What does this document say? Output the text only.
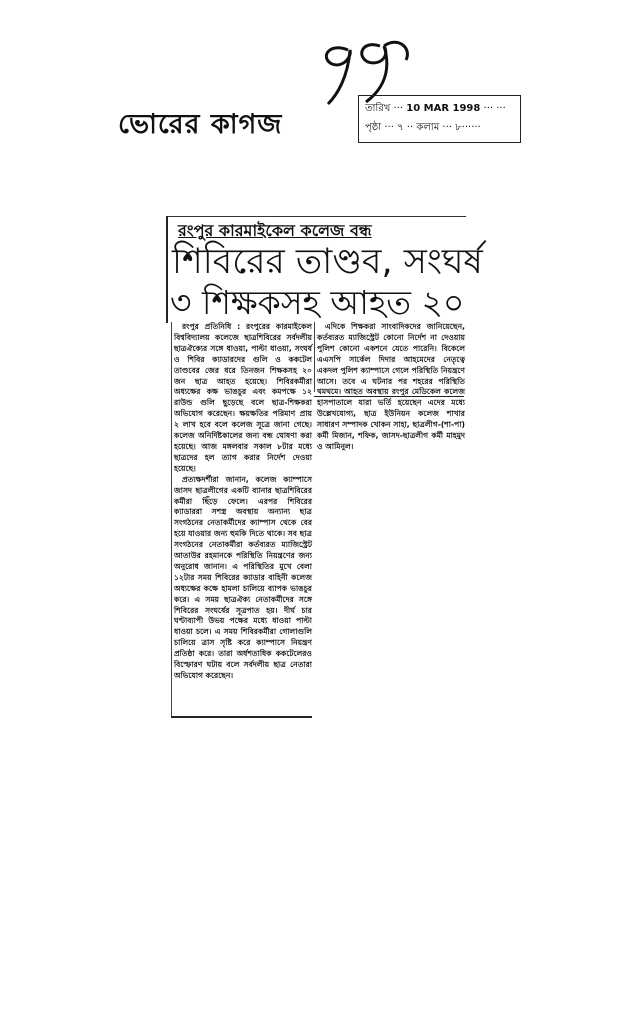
ভোরের কাগজ
তারিখ ··· 10 MAR 1998 ··· ···
পৃষ্ঠা ··· ৭ ·· কলাম ··· ৮······
রংপুর কারমাইকেল কলেজ বন্ধ
শিবিরের তাণ্ডব, সংঘর্ষ
৩ শিক্ষকসহ আহত ২০

রংপুর প্রতিনিধি : রংপুরের কারমাইকেল বিশ্ববিদ্যালয় কলেজে ছাত্রশিবিরের সর্বদলীয় ছাত্রঐক্যের সঙ্গে ধাওয়া, পাল্টা ধাওয়া, সংঘর্ষ ও শিবির ক্যাডারদের গুলি ও ককটেল তাণ্ডবের জের ধরে তিনজন শিক্ষকসহ ২০ জন ছাত্র আহত হয়েছে। শিবিরকর্মীরা অধ্যক্ষের কক্ষ ভাঙচুর এবং কমপক্ষে ১২ রাউন্ড গুলি ছুড়েছে বলে ছাত্র-শিক্ষকরা অভিযোগ করেছেন। ক্ষয়ক্ষতির পরিমাণ প্রায় ২ লাখ হবে বলে কলেজ সূত্রে জানা গেছে। কলেজ অনির্দিষ্টকালের জন্য বন্ধ ঘোষণা করা হয়েছে। আজ মঙ্গলবার সকাল ৮টার মধ্যে ছাত্রদের হল ত্যাগ করার নির্দেশ দেওয়া হয়েছে।

প্রত্যক্ষদর্শীরা জানান, কলেজ ক্যাম্পাসে জাসদ ছাত্রলীগের একটি ব্যানার ছাত্রশিবিরের কর্মীরা ছিঁড়ে ফেলে। এরপর শিবিরের ক্যাডাররা সশস্ত্র অবস্থায় অন্যান্য ছাত্র সংগঠনের নেতাকর্মীদের ক্যাম্পাস থেকে বের হয়ে যাওয়ার জন্য হুমকি দিতে থাকে। সব ছাত্র সংগঠনের নেতাকর্মীরা কর্তব্যরত ম্যাজিস্ট্রেট আতাউর রহমানকে পরিস্থিতি নিয়ন্ত্রণের জন্য অনুরোধ জানান। এ পরিস্থিতির মুখে বেলা ১২টার সময় শিবিরের ক্যাডার বাহিনী কলেজ অধ্যক্ষের কক্ষে হামলা চালিয়ে ব্যাপক ভাঙচুর করে। এ সময় ছাত্রঐক্য নেতাকর্মীদের সঙ্গে শিবিরের সংঘর্ষের সূত্রপাত হয়। দীর্ঘ চার ঘণ্টাব্যাপী উভয় পক্ষের মধ্যে ধাওয়া পাল্টা ধাওয়া চলে। এ সময় শিবিরকর্মীরা গোলাগুলি চালিয়ে ত্রাস সৃষ্টি করে ক্যাম্পাসে নিয়ন্ত্রণ প্রতিষ্ঠা করে। তারা অর্ধশতাধিক ককটেলেরও বিস্ফোরণ ঘটায় বলে সর্বদলীয় ছাত্র নেতারা অভিযোগ করেছেন।

এদিকে শিক্ষকরা সাংবাদিকদের জানিয়েছেন, কর্তব্যরত ম্যাজিস্ট্রেট কোনো নির্দেশ না দেওয়ায় পুলিশ কোনো একশনে যেতে পারেনি। বিকেলে এএসপি সার্কেল দিদার আহমেদের নেতৃত্বে একদল পুলিশ ক্যাম্পাসে গেলে পরিস্থিতি নিয়ন্ত্রণে আসে। তবে এ ঘটনার পর শহরের পরিস্থিতি থমথমে। আহত অবস্থায় রংপুর মেডিকেল কলেজ হাসপাতালে যারা ভর্তি হয়েছেন এদের মধ্যে উল্লেখযোগ্য, ছাত্র ইউনিয়ন কলেজ শাখার সাধারণ সম্পাদক খোকন সাহা, ছাত্রলীগ-(শা-পা) কর্মী মিজান, শফিক, জাসদ-ছাত্রলীগ কর্মী মাহমুদ ও আমিনুল।
